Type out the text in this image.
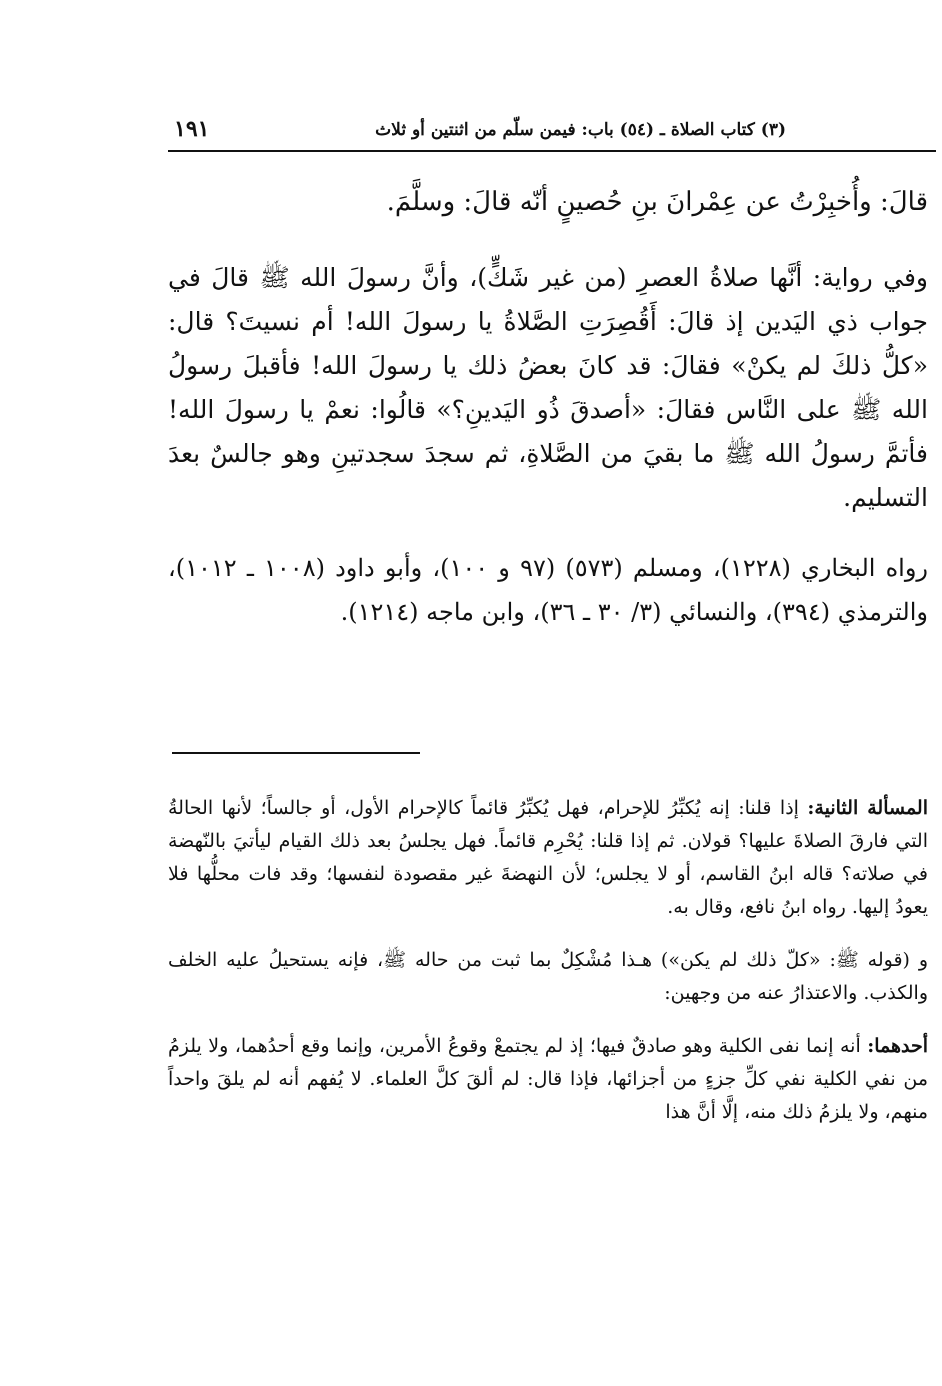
١٩١	(٣) كتاب الصلاة ـ (٥٤) باب: فيمن سلّم من اثنتين أو ثلاث

قالَ: وأُخبِرْتُ عن عِمْرانَ بنِ حُصينٍ أنّه قالَ: وسلَّمَ.

وفي رواية: أنَّها صلاةُ العصرِ (من غير شَكٍّ)، وأنَّ رسولَ الله ﷺ قالَ في جواب ذي اليَدين إذ قالَ: أَقُصِرَتِ الصَّلاةُ يا رسولَ الله! أم نسيتَ؟ قال: «كلُّ ذلكَ لم يكنْ» فقالَ: قد كانَ بعضُ ذلك يا رسولَ الله! فأقبلَ رسولُ الله ﷺ على النَّاس فقالَ: «أصدقَ ذُو اليَدينِ؟» قالُوا: نعمْ يا رسولَ الله! فأتمَّ رسولُ الله ﷺ ما بقيَ من الصَّلاةِ، ثم سجدَ سجدتينِ وهو جالسٌ بعدَ التسليم.

رواه البخاري (١٢٢٨)، ومسلم (٥٧٣) (٩٧ و ١٠٠)، وأبو داود (١٠٠٨ ـ ١٠١٢)، والترمذي (٣٩٤)، والنسائي (٣/ ٣٠ ـ ٣٦)، وابن ماجه (١٢١٤).

المسألة الثانية: إذا قلنا: إنه يُكبِّرُ للإحرام، فهل يُكبِّرُ قائماً كالإحرام الأول، أو جالساً؛ لأنها الحالةُ التي فارقَ الصلاةَ عليها؟ قولان. ثم إذا قلنا: يُحْرِم قائماً. فهل يجلسُ بعد ذلك القيام ليأتيَ بالنّهضة في صلاته؟ قاله ابنُ القاسم، أو لا يجلس؛ لأن النهضةَ غير مقصودة لنفسها؛ وقد فات محلُّها فلا يعودُ إليها. رواه ابنُ نافع، وقال به.

و (قوله ﷺ: «كلّ ذلك لم يكن») هـذا مُشْكِلٌ بما ثبت من حاله ﷺ، فإنه يستحيلُ عليه الخلف والكذب. والاعتذارُ عنه من وجهين:

أحدهما: أنه إنما نفى الكلية وهو صادقٌ فيها؛ إذ لم يجتمعْ وقوعُ الأمرين، وإنما وقع أحدُهما، ولا يلزمُ من نفي الكلية نفي كلِّ جزءٍ من أجزائها، فإذا قال: لم ألقَ كلَّ العلماء. لا يُفهم أنه لم يلقَ واحداً منهم، ولا يلزمُ ذلك منه، إلَّا أنَّ هذا
